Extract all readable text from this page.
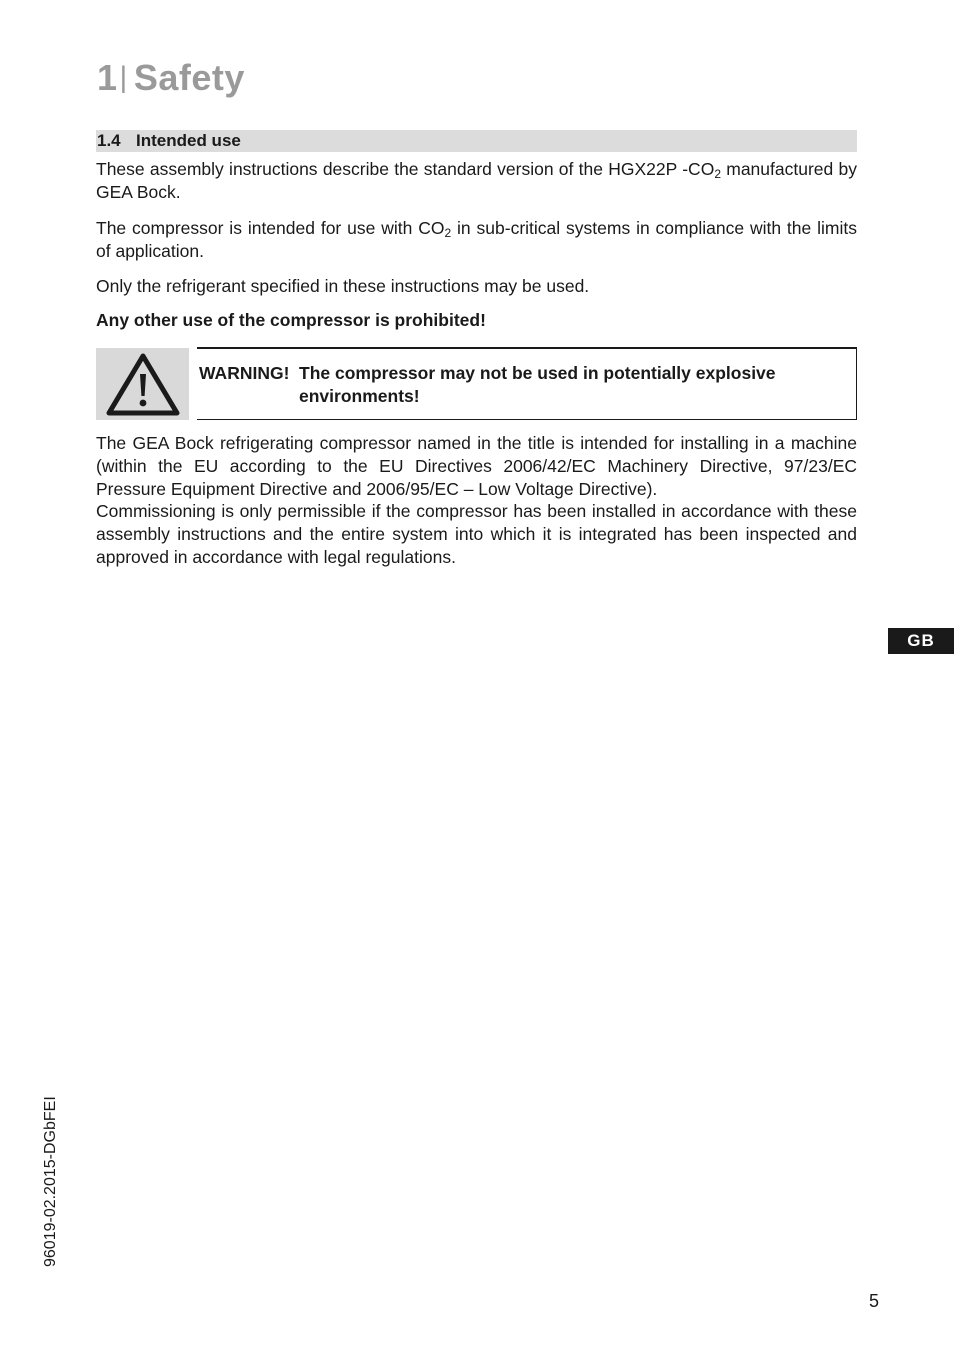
1| Safety
1.4 Intended use

These assembly instructions describe the standard version of the HGX22P $-CO_2$ manufactured by GEA Bock.

The compressor is intended for use with $CO_2$ in sub-critical systems in compliance with the limits of application.

Only the refrigerant specified in these instructions may be used.

Any other use of the compressor is prohibited!

WARNING! The compressor may not be used in potentially explosive environments!

The GEA Bock refrigerating compressor named in the title is intended for installing in a machine (within the EU according to the EU Directives 2006/42/EC Machinery Directive, 97/23/EC Pressure Equipment Directive and 2006/95/EC – Low Voltage Directive).

Commissioning is only permissible if the compressor has been installed in accordance with these assembly instructions and the entire system into which it is integrated has been inspected and approved in accordance with legal regulations.

GB
96019-02.2015-DGbFEI
5
